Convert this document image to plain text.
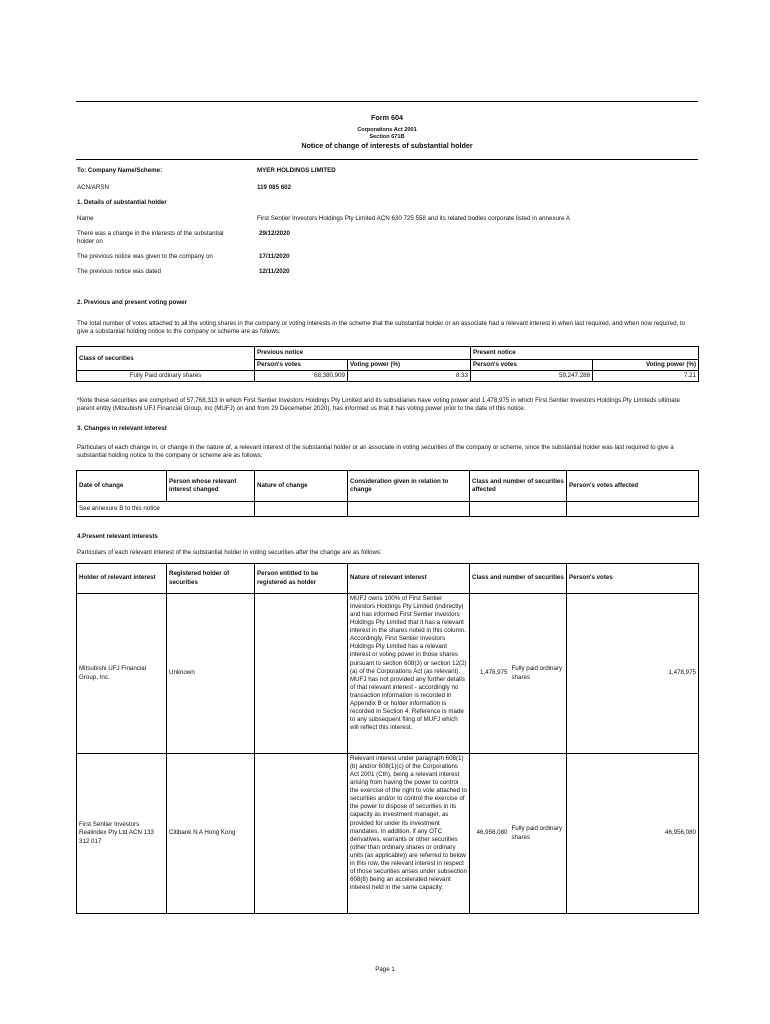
Form 604
Corporations Act 2001
Section 671B
Notice of change of interests of substantial holder
To: Company Name/Scheme:	MYER HOLDINGS LIMITED
ACN/ARSN	119 085 602
1. Details of substantial holder
Name	First Sentier Investors Holdings Pty Limited ACN 630 725 558 and its related bodies corporate listed in annexure A
There was a change in the interests of the substantial holder on
29/12/2020
The previous notice was given to the company on	17/11/2020
The previous notice was dated	12/11/2020
2. Previous and present voting power
The total number of votes attached to all the voting shares in the company or voting interests in the scheme that the substantial holder or an associate had a relevant interest in when last required, and when now required, to give a substantial holding notice to the company or scheme are as follows:
Class of securities	Previous notice		Present notice	
	Person's votes	Voting power (%)	Person's votes	Voting power (%)
Fully Paid ordinary shares	68,380,909	8.33	59,247,288	7.21
*Note these securities are comprised of 57,768,313 in which First Sentier Investors Holdings Pty Limited and its subsidiaries have voting power and 1,478,975 in which First Sentier Investors Holdings Pty Limiteds ultimate parent entity (Mitsubishi UFJ Financial Group, Inc (MUFJ) on and from 29 Decemeber 2020), has informed us that it has voting power prior to the date of this notice.
3. Changes in relevant interest
Particulars of each change in, or change in the nature of, a relevant interest of the substantial holder or an associate in voting securities of the company or scheme, since the substantial holder was last required to give a substantial holding notice to the company or scheme are as follows:
Date of change	Person whose relevant interest changed	Nature of change	Consideration given in relation to change	Class and number of securities affected	Person's votes affected
See annexure B to this notice					
4.Present relevant interests
Particulars of each relevant interest of the substantial holder in voting securities after the change are as follows:
Holder of relevant interest	Registered holder of securities	Person entitled to be registered as holder	Nature of relevant interest	Class and number of securities		Person's votes
Mitsubishi UFJ Financial Group, Inc.	Unknown		MUFJ owns 100% of First Sentier Investors Holdings Pty Limited (indirectly) and has informed First Sentier Investors Holdings Pty Limited that it has a relevant interest in the shares noted in this column. Accordingly, First Sentier Investors Holdings Pty Limited has a relevant interest or voting power in those shares pursuant to section 608(3) or section 12(2)(a) of the Corporations Act (as relevant). MUFJ has not provided any further details of that relevant interest - accordingly no transaction information is recorded in Appendix B or holder information is recorded in Section 4. Reference is made to any subsequent filing of MUFJ which will reflect this interest.	1,478,975	Fully paid ordinary shares	1,478,975
First Sentier Investors Realindex Pty Ltd ACN 133 312 017	Citibank N A Hong Kong		Relevant interest under paragraph 608(1)(b) and/or 608(1)(c) of the Corporations Act 2001 (Cth), being a relevant interest arising from having the power to control the exercise of the right to vote attached to securities and/or to control the exercise of the power to dispose of securities in its capacity as investment manager, as provided for under its investment mandates. In addition, if any OTC derivatives, warrants or other securities (other than ordinary shares or ordinary units (as applicable)) are referred to below in this row, the relevant interest in respect of those securities arises under subsection 608(8) being an accelerated relevant interest held in the same capacity.	46,956,080	Fully paid ordinary shares	46,956,080
Page 1
